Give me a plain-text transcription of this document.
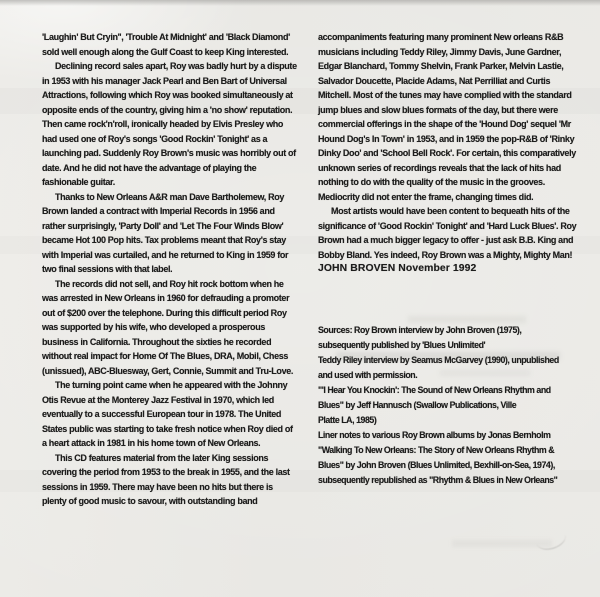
'Laughin' But Cryin'', 'Trouble At Midnight' and 'Black Diamond' sold well enough along the Gulf Coast to keep King interested.

Declining record sales apart, Roy was badly hurt by a dispute in 1953 with his manager Jack Pearl and Ben Bart of Universal Attractions, following which Roy was booked simultaneously at opposite ends of the country, giving him a 'no show' reputation. Then came rock'n'roll, ironically headed by Elvis Presley who had used one of Roy's songs 'Good Rockin' Tonight' as a launching pad. Suddenly Roy Brown's music was horribly out of date. And he did not have the advantage of playing the fashionable guitar.

Thanks to New Orleans A&R man Dave Bartholemew, Roy Brown landed a contract with Imperial Records in 1956 and rather surprisingly, 'Party Doll' and 'Let The Four Winds Blow' became Hot 100 Pop hits. Tax problems meant that Roy's stay with Imperial was curtailed, and he returned to King in 1959 for two final sessions with that label.

The records did not sell, and Roy hit rock bottom when he was arrested in New Orleans in 1960 for defrauding a promoter out of $200 over the telephone. During this difficult period Roy was supported by his wife, who developed a prosperous business in California. Throughout the sixties he recorded without real impact for Home Of The Blues, DRA, Mobil, Chess (unissued), ABC-Bluesway, Gert, Connie, Summit and Tru-Love.

The turning point came when he appeared with the Johnny Otis Revue at the Monterey Jazz Festival in 1970, which led eventually to a successful European tour in 1978. The United States public was starting to take fresh notice when Roy died of a heart attack in 1981 in his home town of New Orleans.

This CD features material from the later King sessions covering the period from 1953 to the break in 1955, and the last sessions in 1959. There may have been no hits but there is plenty of good music to savour, with outstanding band

accompaniments featuring many prominent New orleans R&B musicians including Teddy Riley, Jimmy Davis, June Gardner, Edgar Blanchard, Tommy Shelvin, Frank Parker, Melvin Lastie, Salvador Doucette, Placide Adams, Nat Perrilliat and Curtis Mitchell. Most of the tunes may have complied with the standard jump blues and slow blues formats of the day, but there were commercial offerings in the shape of the 'Hound Dog' sequel 'Mr Hound Dog's In Town' in 1953, and in 1959 the pop-R&B of 'Rinky Dinky Doo' and 'School Bell Rock'. For certain, this comparatively unknown series of recordings reveals that the lack of hits had nothing to do with the quality of the music in the grooves. Mediocrity did not enter the frame, changing times did.

Most artists would have been content to bequeath hits of the significance of 'Good Rockin' Tonight' and 'Hard Luck Blues'. Roy Brown had a much bigger legacy to offer - just ask B.B. King and Bobby Bland. Yes indeed, Roy Brown was a Mighty, Mighty Man!

JOHN BROVEN November 1992

Sources: Roy Brown interview by John Broven (1975),

subsequently published by 'Blues Unlimited'

Teddy Riley interview by Seamus McGarvey (1990), unpublished

and used with permission.

"'I Hear You Knockin': The Sound of New Orleans Rhythm and

Blues" by Jeff Hannusch (Swallow Publications, Ville

Platte LA, 1985)

Liner notes to various Roy Brown albums by Jonas Bernholm

"Walking To New Orleans: The Story of New Orleans Rhythm &

Blues" by John Broven (Blues Unlimited, Bexhill-on-Sea, 1974),

subsequently republished as "Rhythm & Blues in New Orleans"
